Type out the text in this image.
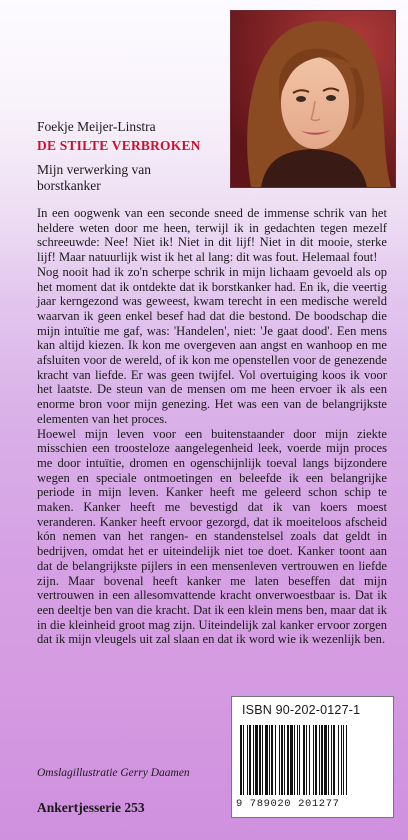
Foekje Meijer-Linstra
DE STILTE VERBROKEN
Mijn verwerking van borstkanker
In een oogwenk van een seconde sneed de immense schrik van het heldere weten door me heen, terwijl ik in gedachten tegen mezelf schreeuwde: Nee! Niet ik! Niet in dit lijf! Niet in dit mooie, sterke lijf! Maar natuurlijk wist ik het al lang: dit was fout. Helemaal fout!
Nog nooit had ik zo'n scherpe schrik in mijn lichaam gevoeld als op het moment dat ik ontdekte dat ik borstkanker had. En ik, die veertig jaar kerngezond was geweest, kwam terecht in een medische wereld waarvan ik geen enkel besef had dat die bestond. De boodschap die mijn intuïtie me gaf, was: 'Handelen', niet: 'Je gaat dood'. Een mens kan altijd kiezen. Ik kon me overgeven aan angst en wanhoop en me afsluiten voor de wereld, of ik kon me openstellen voor de genezende kracht van liefde. Er was geen twijfel. Vol overtuiging koos ik voor het laatste. De steun van de mensen om me heen ervoer ik als een enorme bron voor mijn genezing. Het was een van de belangrijkste elementen van het proces.
Hoewel mijn leven voor een buitenstaander door mijn ziekte misschien een troosteloze aangelegenheid leek, voerde mijn proces me door intuïtie, dromen en ogenschijnlijk toeval langs bijzondere wegen en speciale ontmoetingen en beleefde ik een belangrijke periode in mijn leven. Kanker heeft me geleerd schon schip te maken. Kanker heeft me bevestigd dat ik van koers moest veranderen. Kanker heeft ervoor gezorgd, dat ik moeiteloos afscheid kón nemen van het rangen- en standenstelsel zoals dat geldt in bedrijven, omdat het er uiteindelijk niet toe doet. Kanker toont aan dat de belangrijkste pijlers in een mensenleven vertrouwen en liefde zijn. Maar bovenal heeft kanker me laten beseffen dat mijn vertrouwen in een allesomvattende kracht onverwoestbaar is. Dat ik een deeltje ben van die kracht. Dat ik een klein mens ben, maar dat ik in die kleinheid groot mag zijn. Uiteindelijk zal kanker ervoor zorgen dat ik mijn vleugels uit zal slaan en dat ik word wie ik wezenlijk ben.
ISBN 90-202-0127-1
9 789020 201277
Omslagillustratie Gerry Daamen
Ankertjesserie 253
